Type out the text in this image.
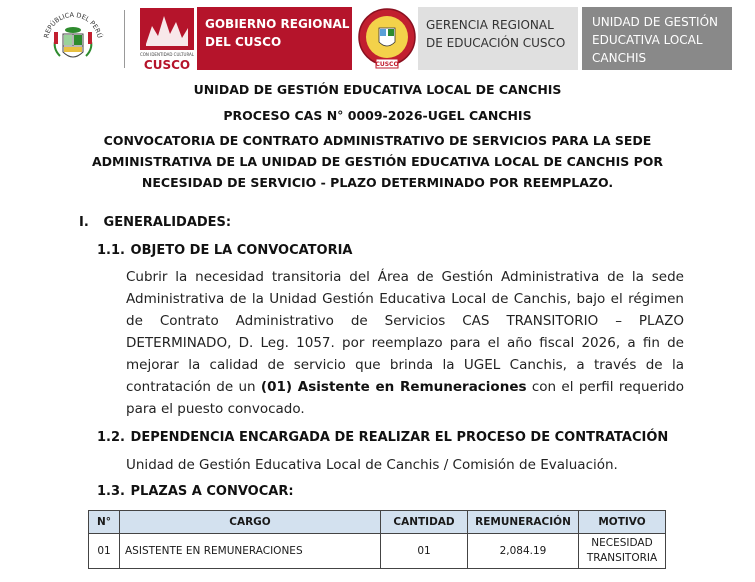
REPÚBLICA DEL PERÚ
CON IDENTIDAD CULTURAL
CUSCO
GOBIERNO REGIONAL
DEL CUSCO
CUSCO
GERENCIA REGIONAL
DE EDUCACIÓN CUSCO
UNIDAD DE GESTIÓN
EDUCATIVA LOCAL
CANCHIS
UNIDAD DE GESTIÓN EDUCATIVA LOCAL DE CANCHIS
PROCESO CAS N° 0009-2026-UGEL CANCHIS
CONVOCATORIA DE CONTRATO ADMINISTRATIVO DE SERVICIOS PARA LA SEDE ADMINISTRATIVA DE LA UNIDAD DE GESTIÓN EDUCATIVA LOCAL DE CANCHIS POR NECESIDAD DE SERVICIO - PLAZO DETERMINADO POR REEMPLAZO.
I. GENERALIDADES:
1.1. OBJETO DE LA CONVOCATORIA
Cubrir la necesidad transitoria del Área de Gestión Administrativa de la sede Administrativa de la Unidad Gestión Educativa Local de Canchis, bajo el régimen de Contrato Administrativo de Servicios CAS TRANSITORIO – PLAZO DETERMINADO, D. Leg. 1057. por reemplazo para el año fiscal 2026, a fin de mejorar la calidad de servicio que brinda la UGEL Canchis, a través de la contratación de un (01) Asistente en Remuneraciones con el perfil requerido para el puesto convocado.
1.2. DEPENDENCIA ENCARGADA DE REALIZAR EL PROCESO DE CONTRATACIÓN
Unidad de Gestión Educativa Local de Canchis / Comisión de Evaluación.
1.3. PLAZAS A CONVOCAR:
N°	CARGO	CANTIDAD	REMUNERACIÓN	MOTIVO
01	ASISTENTE EN REMUNERACIONES	01	2,084.19	NECESIDAD
TRANSITORIA
